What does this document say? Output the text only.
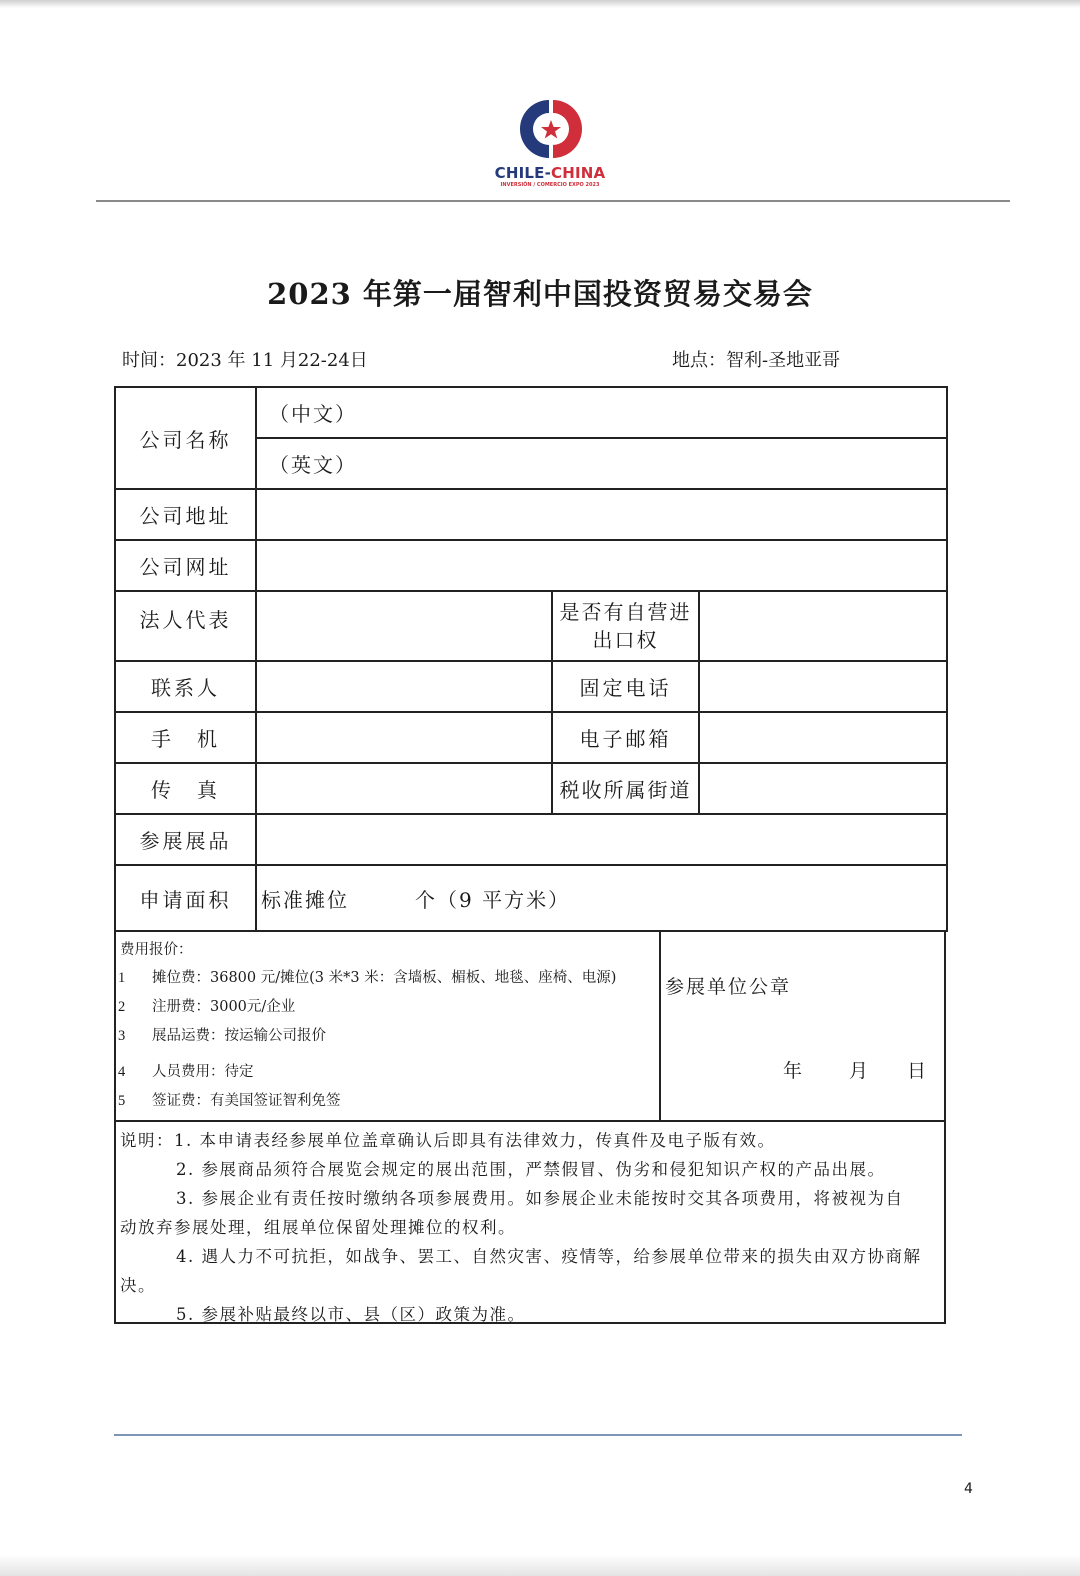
CHILE-CHINA
INVERSIÓN / COMERCIO EXPO 2023
2023 年第一届智利中国投资贸易交易会
时间：2023 年 11 月22-24日	地点：智利-圣地亚哥
公司名称	（中文）		
	（英文）		
公司地址			
公司网址			
法人代表		是否有自营进出口权	
联系人		固定电话	
手　机		电子邮箱	
传　真		税收所属街道	
参展展品			
申请面积	标准摊位 个（9 平方米）		
费用报价：
1 摊位费：36800 元/摊位(3 米*3 米：含墙板、楣板、地毯、座椅、电源)
2 注册费：3000元/企业
3 展品运费：按运输公司报价
4 人员费用：待定
5 签证费：有美国签证智利免签
参展单位公章
年 月 日

说明：1. 本申请表经参展单位盖章确认后即具有法律效力，传真件及电子版有效。

2. 参展商品须符合展览会规定的展出范围，严禁假冒、伪劣和侵犯知识产权的产品出展。

3. 参展企业有责任按时缴纳各项参展费用。如参展企业未能按时交其各项费用，将被视为自

动放弃参展处理，组展单位保留处理摊位的权利。

4. 遇人力不可抗拒，如战争、罢工、自然灾害、疫情等，给参展单位带来的损失由双方协商解

决。

5. 参展补贴最终以市、县（区）政策为准。

4
